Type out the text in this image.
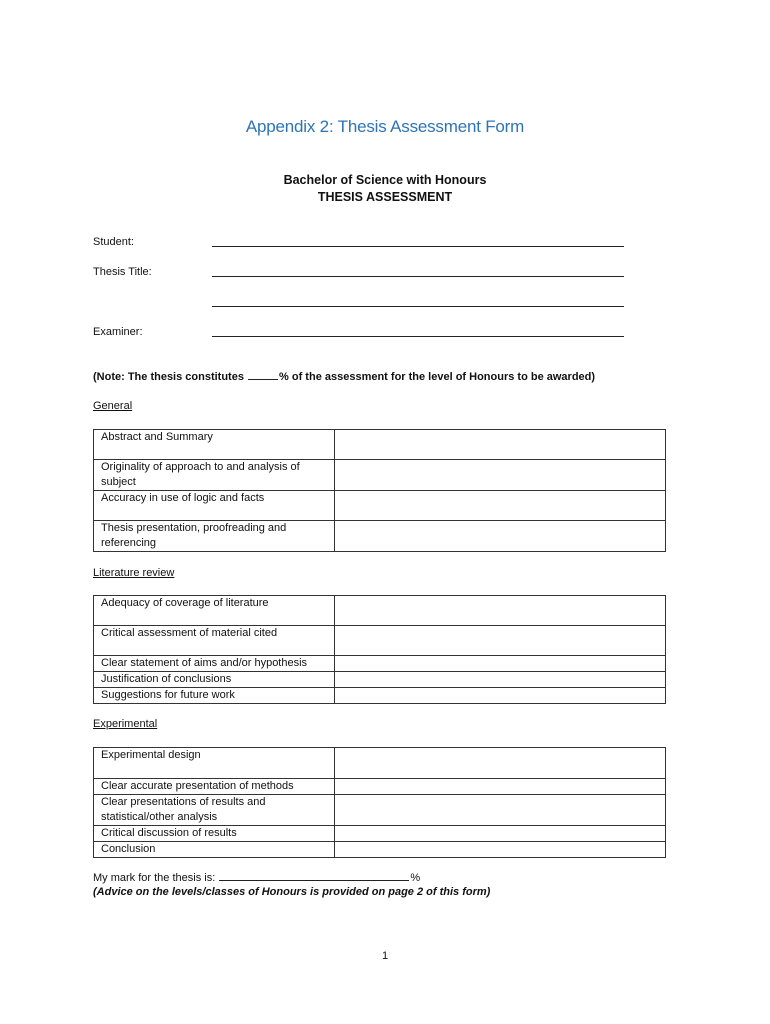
Appendix 2: Thesis Assessment Form
Bachelor of Science with Honours
THESIS ASSESSMENT
Student:
Thesis Title:
Examiner:
(Note: The thesis constitutes	% of the assessment for the level of Honours to be awarded)
General
Abstract and Summary	
Originality of approach to and analysis of subject	
Accuracy in use of logic and facts	
Thesis presentation, proofreading and referencing	
Literature review
Adequacy of coverage of literature	
Critical assessment of material cited	
Clear statement of aims and/or hypothesis	
Justification of conclusions	
Suggestions for future work	
Experimental
Experimental design	
Clear accurate presentation of methods	
Clear presentations of results and statistical/other analysis	
Critical discussion of results	
Conclusion	
My mark for the thesis is:	%
(Advice on the levels/classes of Honours is provided on page 2 of this form)
1
